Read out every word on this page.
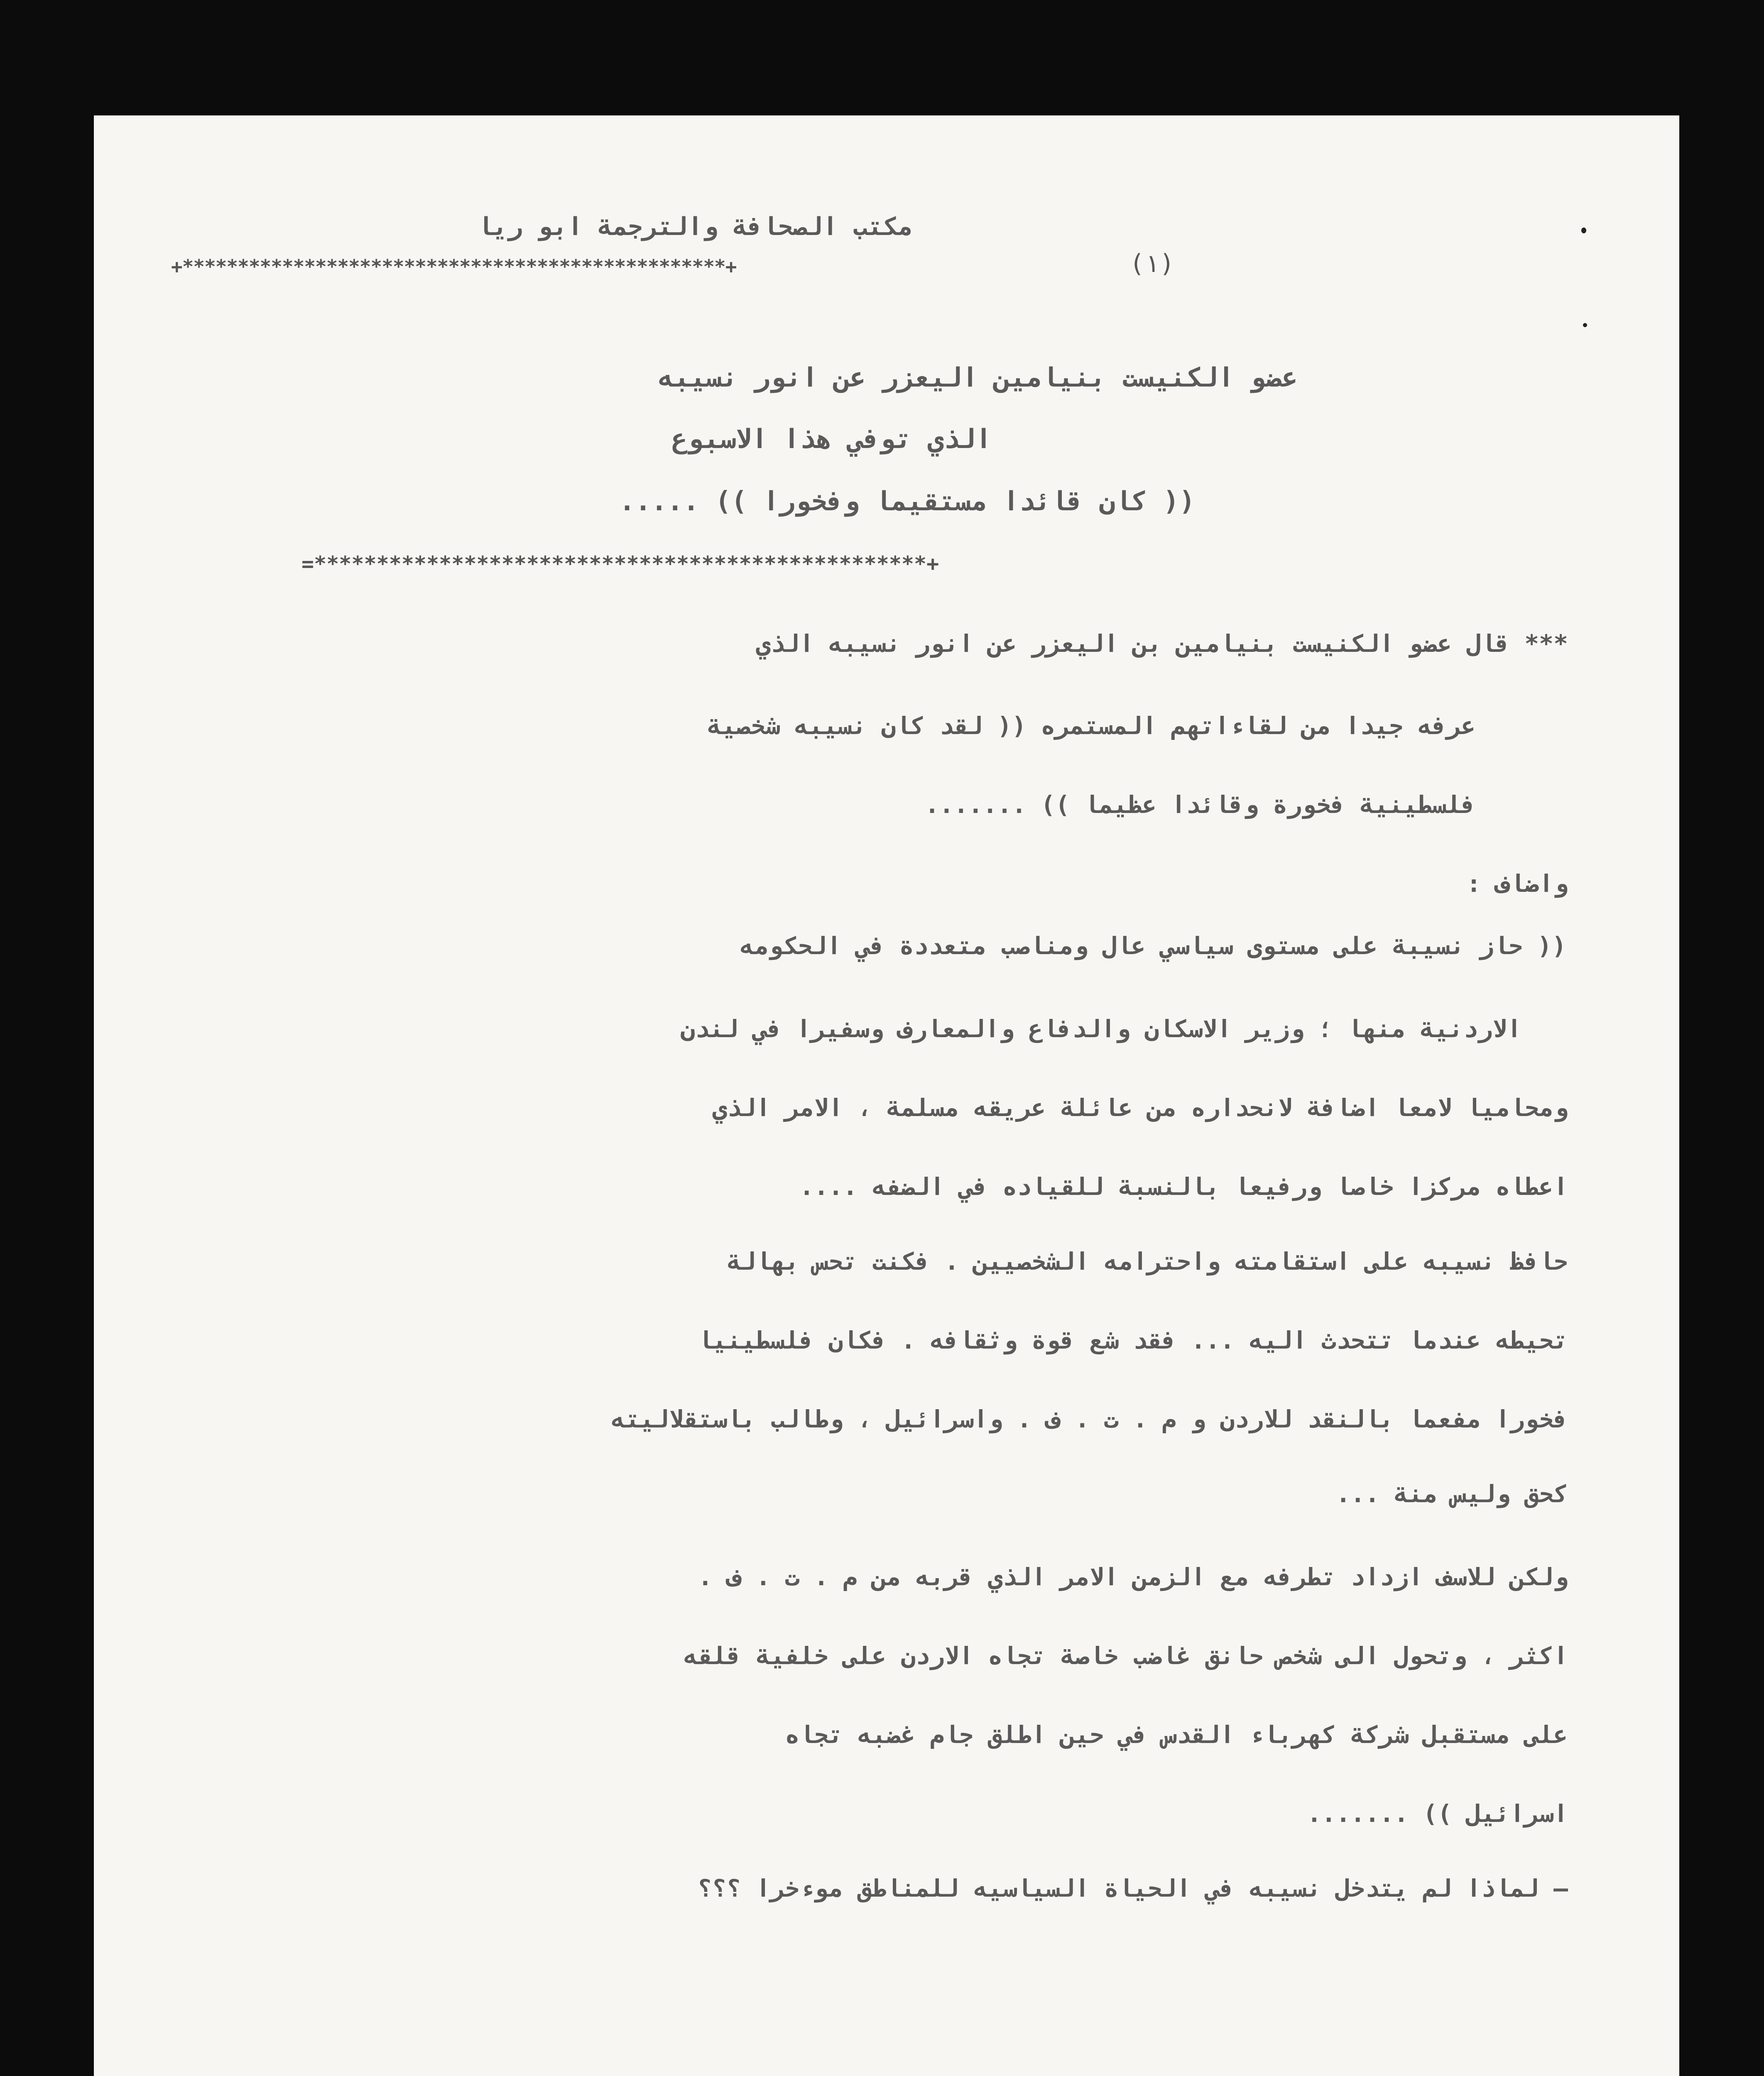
مكتب الصحافة والترجمة ابو ريا
+*************************************************+	(١)
عضو الكنيست بنيامين اليعزر عن انور نسيبه
الذي توفي هذا الاسبوع
(( كان قائدا مستقيما وفخورا )) .....
=*************************************************+
*** قال عضو الكنيست بنيامين بن اليعزر عن انور نسيبه الذي
عرفه جيدا من لقاءاتهم المستمره (( لقد كان نسيبه شخصية
فلسطينية فخورة وقائدا عظيما )) .......
واضاف :
(( حاز نسيبة على مستوى سياسي عال ومناصب متعددة في الحكومه
الاردنية منها ؛ وزير الاسكان والدفاع والمعارف وسفيرا في لندن
ومحاميا لامعا اضافة لانحداره من عائلة عريقه مسلمة ، الامر الذي
اعطاه مركزا خاصا ورفيعا بالنسبة للقياده في الضفه ....
حافظ نسيبه على استقامته واحترامه الشخصيين . فكنت تحس بهالة
تحيطه عندما تتحدث اليه ... فقد شع قوة وثقافه . فكان فلسطينيا
فخورا مفعما بالنقد للاردن و م . ت . ف . واسرائيل ، وطالب باستقلاليته
كحق وليس منة ...
ولكن للاسف ازداد تطرفه مع الزمن الامر الذي قربه من م . ت . ف .
اكثر ، وتحول الى شخص حانق غاضب خاصة تجاه الاردن على خلفية قلقه
على مستقبل شركة كهرباء القدس في حين اطلق جام غضبه تجاه
اسرائيل )) .......
— لماذا لم يتدخل نسيبه في الحياة السياسيه للمناطق موءخرا ؟؟؟
